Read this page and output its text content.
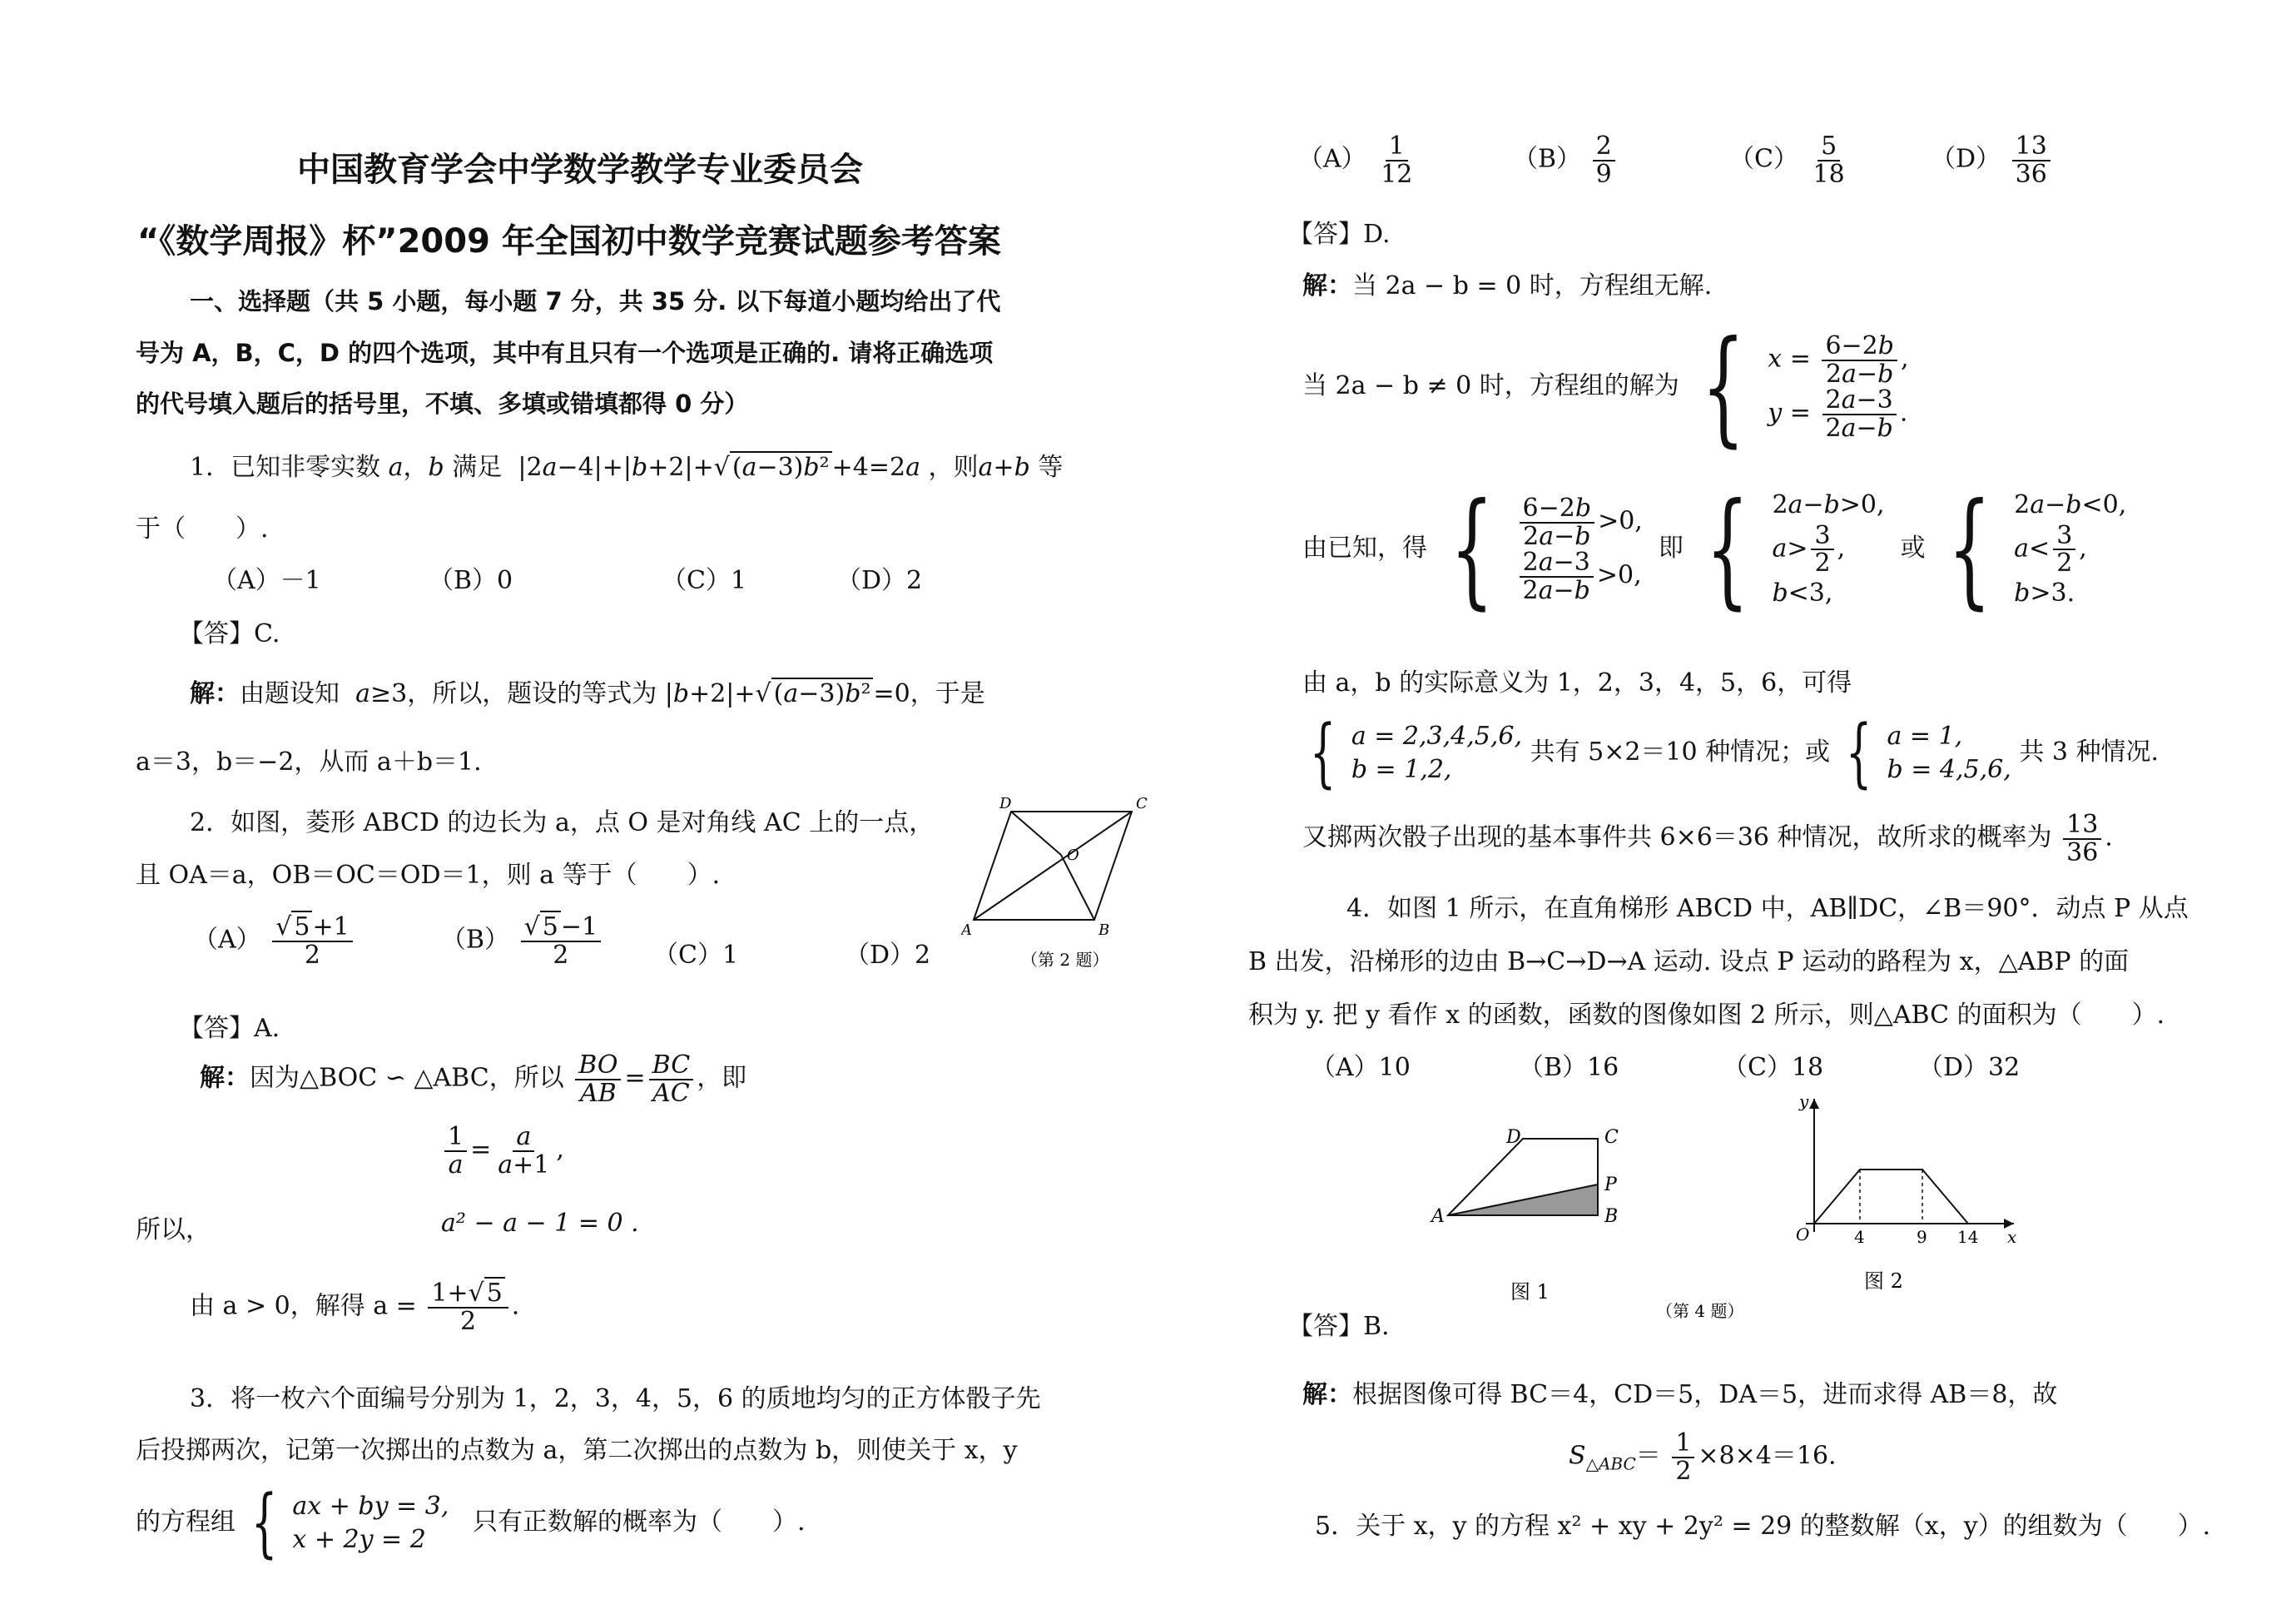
中国教育学会中学数学教学专业委员会
“《数学周报》杯”2009 年全国初中数学竞赛试题参考答案
一、选择题（共 5 小题，每小题 7 分，共 35 分. 以下每道小题均给出了代
号为 A，B，C，D 的四个选项，其中有且只有一个选项是正确的. 请将正确选项
的代号填入题后的括号里，不填、多填或错填都得 0 分）
1．已知非零实数 a，b 满足  |2a−4|+|b+2|+√ (a−3)b² +4=2a ，则a+b 等
于（　　）.
（A）－1	（B）0	（C）1	（D）2
【答】C.
解：由题设知 a≥3，所以，题设的等式为 |b+2|+√ (a−3)b² =0，于是
a＝3，b＝−2，从而 a＋b＝1.
2．如图，菱形 ABCD 的边长为 a，点 O 是对角线 AC 上的一点，
且 OA＝a，OB＝OC＝OD＝1，则 a 等于（　　）.
$(A) \frac{√ 5 +1}{2}$	$(B) \frac{√ 5 -1}{2} (C)1$	（D）2
D	C
O
A	B
（第 2 题）
【答】A.
解：因为△BOC ∽ △ABC，所以 $\frac{BO}{AB} = \frac{BC}{AC}$ ，即
$\frac{1}{a} = \frac{a}{a+1}$ ,
所以，	a² − a − 1 = 0 .
由 a > 0，解得 $a = \frac{1+√ 5}{2}$ .
3．将一枚六个面编号分别为 1，2，3，4，5，6 的质地均匀的正方体骰子先
后投掷两次，记第一次掷出的点数为 a，第二次掷出的点数为 b，则使关于 x，y
的方程组 { ax + by = 3,
x + 2y = 2
只有正数解的概率为（　　）.
$(A) \frac{1}{12}$	$(B) \frac{2}{9}$	$(C) \frac{5}{18}$	$(D) \frac{13}{36}$
【答】D.
解：当 2a − b = 0 时，方程组无解.
当 2a − b ≠ 0 时，方程组的解为 { $x = \frac{6-2b}{2a-b}$ ,
$y = \frac{2a-3}{2a-b}$ .
由已知，得 { $\frac{6-2b}{2a-b} >0$,
$\frac{2a-3}{2a-b} >0$,
即 { 2a−b>0,
$a> \frac{3}{2}$ ,
b<3,
或 { 2a−b<0,
$a< \frac{3}{2}$ ,
b>3.
由 a，b 的实际意义为 1，2，3，4，5，6，可得
{ a = 2,3,4,5,6,
b = 1,2,
共有 5×2＝10 种情况；或 { a = 1,
b = 4,5,6,
共 3 种情况.
又掷两次骰子出现的基本事件共 6×6＝36 种情况，故所求的概率为 $\frac{13}{36}$ .
4．如图 1 所示，在直角梯形 ABCD 中，AB∥DC，∠B＝90°．动点 P 从点
B 出发，沿梯形的边由 B→C→D→A 运动. 设点 P 运动的路程为 x，△ABP 的面
积为 y. 把 y 看作 x 的函数，函数的图像如图 2 所示，则△ABC 的面积为（　　）.
（A）10	（B）16	（C）18	（D）32
A	B
C
D
P
图 1
O	4	9 14 x
y
图 2
（第 4 题）
【答】B.
解：根据图像可得 BC＝4，CD＝5，DA＝5，进而求得 AB＝8，故
$S_{\triangle ABC}= \frac{1}{2} \times 8\times 4=16$.
5．关于 x，y 的方程 x² + xy + 2y² = 29 的整数解（x，y）的组数为（　　）.
